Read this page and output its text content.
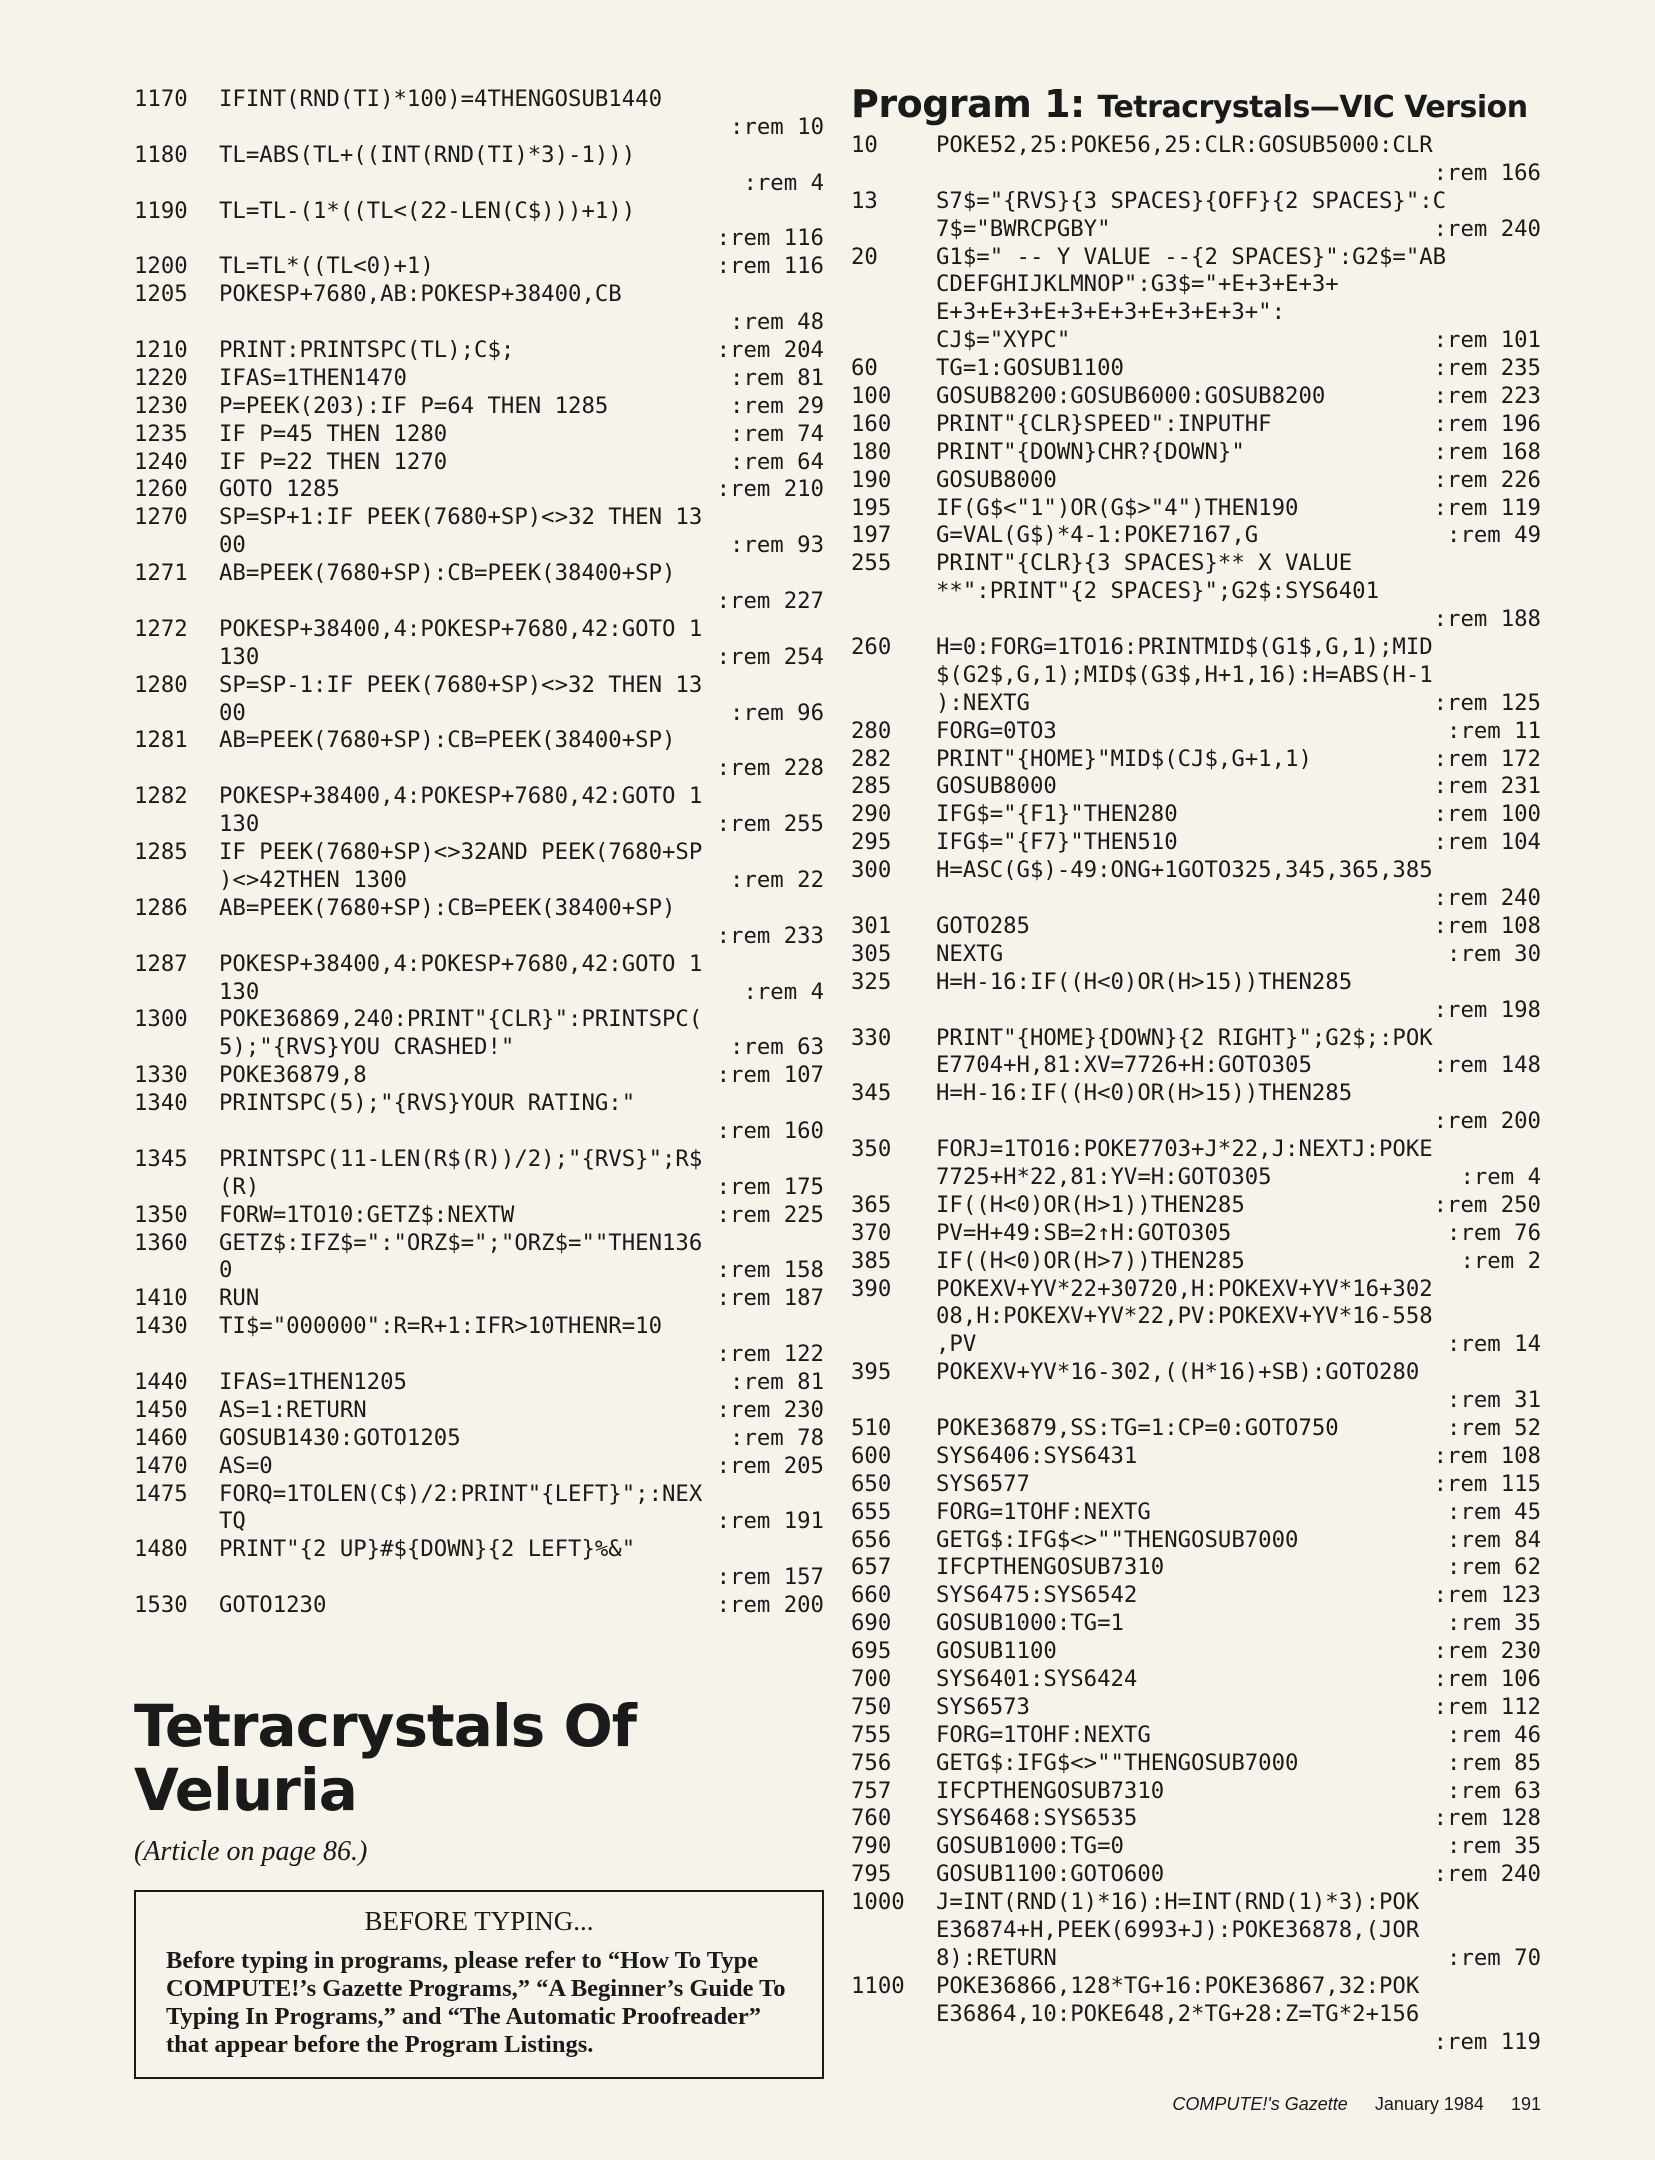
1170	IFINT(RND(TI)*100)=4THENGOSUB1440
:rem 10
1180	TL=ABS(TL+((INT(RND(TI)*3)-1)))
:rem 4
1190	TL=TL-(1*((TL<(22-LEN(C$)))+1))
:rem 116
1200	TL=TL*((TL<0)+1)	:rem 116
1205	POKESP+7680,AB:POKESP+38400,CB
:rem 48
1210	PRINT:PRINTSPC(TL);C$;	:rem 204
1220	IFAS=1THEN1470	:rem 81
1230	P=PEEK(203):IF P=64 THEN 1285	:rem 29
1235	IF P=45 THEN 1280	:rem 74
1240	IF P=22 THEN 1270	:rem 64
1260	GOTO 1285	:rem 210
1270	SP=SP+1:IF PEEK(7680+SP)<>32 THEN 13
00	:rem 93
1271	AB=PEEK(7680+SP):CB=PEEK(38400+SP)
:rem 227
1272	POKESP+38400,4:POKESP+7680,42:GOTO 1
130	:rem 254
1280	SP=SP-1:IF PEEK(7680+SP)<>32 THEN 13
00	:rem 96
1281	AB=PEEK(7680+SP):CB=PEEK(38400+SP)
:rem 228
1282	POKESP+38400,4:POKESP+7680,42:GOTO 1
130	:rem 255
1285	IF PEEK(7680+SP)<>32AND PEEK(7680+SP
)<>42THEN 1300	:rem 22
1286	AB=PEEK(7680+SP):CB=PEEK(38400+SP)
:rem 233
1287	POKESP+38400,4:POKESP+7680,42:GOTO 1
130	:rem 4
1300	POKE36869,240:PRINT"{CLR}":PRINTSPC(
5);"{RVS}YOU CRASHED!"	:rem 63
1330	POKE36879,8	:rem 107
1340	PRINTSPC(5);"{RVS}YOUR RATING:"
:rem 160
1345	PRINTSPC(11-LEN(R$(R))/2);"{RVS}";R$
(R)	:rem 175
1350	FORW=1TO10:GETZ$:NEXTW	:rem 225
1360	GETZ$:IFZ$=":"ORZ$=";"ORZ$=""THEN136
0	:rem 158
1410	RUN	:rem 187
1430	TI$="000000":R=R+1:IFR>10THENR=10
:rem 122
1440	IFAS=1THEN1205	:rem 81
1450	AS=1:RETURN	:rem 230
1460	GOSUB1430:GOTO1205	:rem 78
1470	AS=0	:rem 205
1475	FORQ=1TOLEN(C$)/2:PRINT"{LEFT}";:NEX
TQ	:rem 191
1480	PRINT"{2 UP}#${DOWN}{2 LEFT}%&"
:rem 157
1530	GOTO1230	:rem 200
Tetracrystals Of
Veluria
(Article on page 86.)
BEFORE TYPING...
Before typing in programs, please refer to “How To Type COMPUTE!’s Gazette Programs,” “A Beginner’s Guide To Typing In Programs,” and “The Automatic Proofreader” that appear before the Program Listings.
Program 1: Tetracrystals—VIC Version
10	POKE52,25:POKE56,25:CLR:GOSUB5000:CLR
:rem 166
13	S7$="{RVS}{3 SPACES}{OFF}{2 SPACES}":C
7$="BWRCPGBY"	:rem 240
20	G1$=" -- Y VALUE --{2 SPACES}":G2$="AB
CDEFGHIJKLMNOP":G3$="+E+3+E+3+
E+3+E+3+E+3+E+3+E+3+E+3+":
CJ$="XYPC"	:rem 101
60	TG=1:GOSUB1100	:rem 235
100	GOSUB8200:GOSUB6000:GOSUB8200	:rem 223
160	PRINT"{CLR}SPEED":INPUTHF	:rem 196
180	PRINT"{DOWN}CHR?{DOWN}"	:rem 168
190	GOSUB8000	:rem 226
195	IF(G$<"1")OR(G$>"4")THEN190	:rem 119
197	G=VAL(G$)*4-1:POKE7167,G	:rem 49
255	PRINT"{CLR}{3 SPACES}** X VALUE
**":PRINT"{2 SPACES}";G2$:SYS6401
:rem 188
260	H=0:FORG=1TO16:PRINTMID$(G1$,G,1);MID
$(G2$,G,1);MID$(G3$,H+1,16):H=ABS(H-1
):NEXTG	:rem 125
280	FORG=0TO3	:rem 11
282	PRINT"{HOME}"MID$(CJ$,G+1,1)	:rem 172
285	GOSUB8000	:rem 231
290	IFG$="{F1}"THEN280	:rem 100
295	IFG$="{F7}"THEN510	:rem 104
300	H=ASC(G$)-49:ONG+1GOTO325,345,365,385
:rem 240
301	GOTO285	:rem 108
305	NEXTG	:rem 30
325	H=H-16:IF((H<0)OR(H>15))THEN285
:rem 198
330	PRINT"{HOME}{DOWN}{2 RIGHT}";G2$;:POK
E7704+H,81:XV=7726+H:GOTO305	:rem 148
345	H=H-16:IF((H<0)OR(H>15))THEN285
:rem 200
350	FORJ=1TO16:POKE7703+J*22,J:NEXTJ:POKE
7725+H*22,81:YV=H:GOTO305	:rem 4
365	IF((H<0)OR(H>1))THEN285	:rem 250
370	PV=H+49:SB=2↑H:GOTO305	:rem 76
385	IF((H<0)OR(H>7))THEN285	:rem 2
390	POKEXV+YV*22+30720,H:POKEXV+YV*16+302
08,H:POKEXV+YV*22,PV:POKEXV+YV*16-558
,PV	:rem 14
395	POKEXV+YV*16-302,((H*16)+SB):GOTO280
:rem 31
510	POKE36879,SS:TG=1:CP=0:GOTO750	:rem 52
600	SYS6406:SYS6431	:rem 108
650	SYS6577	:rem 115
655	FORG=1TOHF:NEXTG	:rem 45
656	GETG$:IFG$<>""THENGOSUB7000	:rem 84
657	IFCPTHENGOSUB7310	:rem 62
660	SYS6475:SYS6542	:rem 123
690	GOSUB1000:TG=1	:rem 35
695	GOSUB1100	:rem 230
700	SYS6401:SYS6424	:rem 106
750	SYS6573	:rem 112
755	FORG=1TOHF:NEXTG	:rem 46
756	GETG$:IFG$<>""THENGOSUB7000	:rem 85
757	IFCPTHENGOSUB7310	:rem 63
760	SYS6468:SYS6535	:rem 128
790	GOSUB1000:TG=0	:rem 35
795	GOSUB1100:GOTO600	:rem 240
1000	J=INT(RND(1)*16):H=INT(RND(1)*3):POK
E36874+H,PEEK(6993+J):POKE36878,(JOR
8):RETURN	:rem 70
1100	POKE36866,128*TG+16:POKE36867,32:POK
E36864,10:POKE648,2*TG+28:Z=TG*2+156
:rem 119
COMPUTE!'s Gazette January 1984 191
